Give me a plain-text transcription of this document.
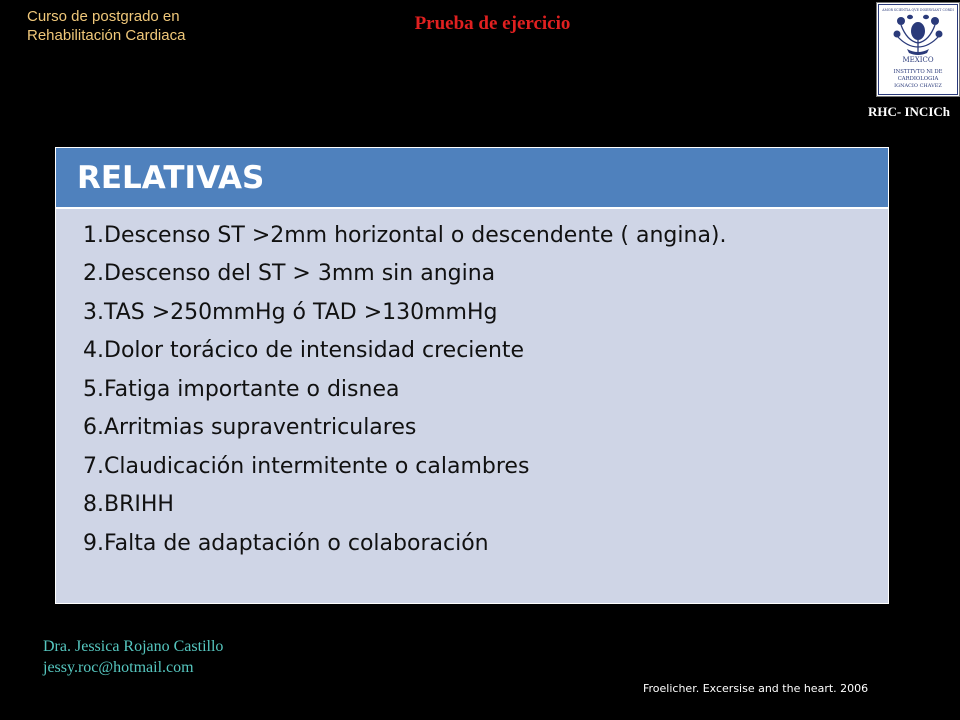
Curso de postgrado en
Rehabilitación Cardiaca
Prueba de ejercicio
AMOR SCIENTIA QVE INSERVIANT CORDI
MEXICO
INSTITVTO Nl DE
CARDIOLOGIA
IGNACIO CHAVEZ
RHC- INCICh
RELATIVAS
1. Descenso ST >2mm horizontal o descendente ( angina).
2. Descenso del ST > 3mm sin angina
3. TAS >250mmHg ó TAD >130mmHg
4. Dolor torácico de intensidad creciente
5. Fatiga importante o disnea
6. Arritmias supraventriculares
7. Claudicación intermitente o calambres
8. BRIHH
9. Falta de adaptación o colaboración
Dra. Jessica Rojano Castillo
jessy.roc@hotmail.com
Froelicher. Excersise and the heart. 2006
